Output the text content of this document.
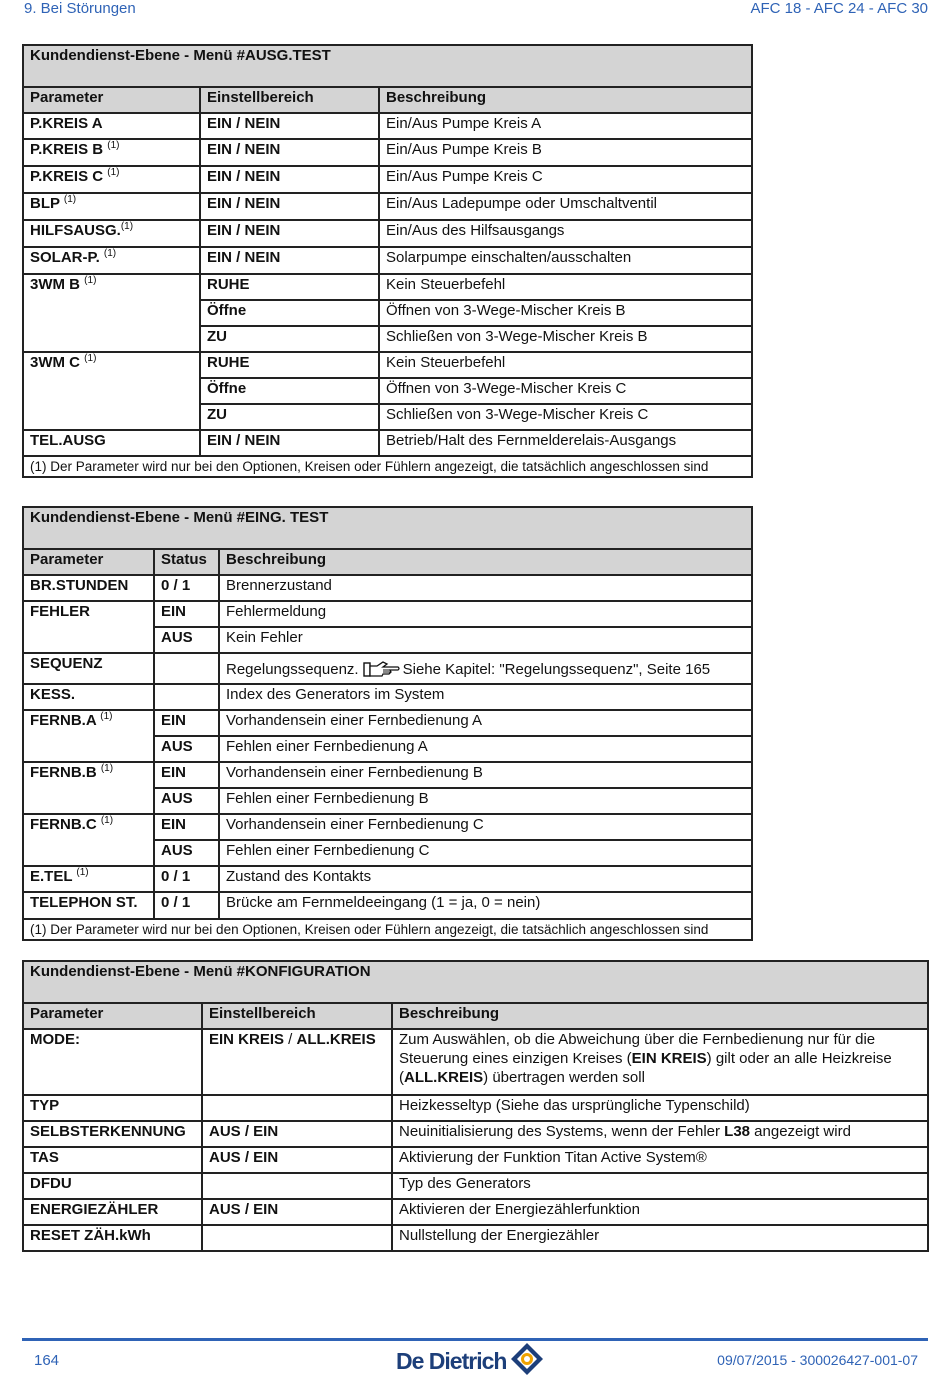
9. Bei Störungen	AFC 18 - AFC 24 - AFC 30
Kundendienst-Ebene - Menü #AUSG.TEST		
Parameter	Einstellbereich	Beschreibung
P.KREIS A	EIN / NEIN	Ein/Aus Pumpe Kreis A
P.KREIS B $^{(1)}$	EIN / NEIN	Ein/Aus Pumpe Kreis B
P.KREIS C $^{(1)}$	EIN / NEIN	Ein/Aus Pumpe Kreis C
BLP $^{(1)}$	EIN / NEIN	Ein/Aus Ladepumpe oder Umschaltventil
HILFSAUSG.$^{(1)}$	EIN / NEIN	Ein/Aus des Hilfsausgangs
SOLAR-P. $^{(1)}$	EIN / NEIN	Solarpumpe einschalten/ausschalten
3WM B $^{(1)}$	RUHE	Kein Steuerbefehl
	Öffne	Öffnen von 3-Wege-Mischer Kreis B
	ZU	Schließen von 3-Wege-Mischer Kreis B
3WM C $^{(1)}$	RUHE	Kein Steuerbefehl
	Öffne	Öffnen von 3-Wege-Mischer Kreis C
	ZU	Schließen von 3-Wege-Mischer Kreis C
TEL.AUSG	EIN / NEIN	Betrieb/Halt des Fernmelderelais-Ausgangs
(1) Der Parameter wird nur bei den Optionen, Kreisen oder Fühlern angezeigt, die tatsächlich angeschlossen sind		
Kundendienst-Ebene - Menü #EING. TEST		
Parameter	Status	Beschreibung
BR.STUNDEN	0 / 1	Brennerzustand
FEHLER	EIN	Fehlermeldung
	AUS	Kein Fehler
SEQUENZ		Regelungssequenz. Siehe Kapitel: "Regelungssequenz", Seite 165
KESS.		Index des Generators im System
FERNB.A $^{(1)}$	EIN	Vorhandensein einer Fernbedienung A
	AUS	Fehlen einer Fernbedienung A
FERNB.B $^{(1)}$	EIN	Vorhandensein einer Fernbedienung B
	AUS	Fehlen einer Fernbedienung B
FERNB.C $^{(1)}$	EIN	Vorhandensein einer Fernbedienung C
	AUS	Fehlen einer Fernbedienung C
E.TEL $^{(1)}$	0 / 1	Zustand des Kontakts
TELEPHON ST.	0 / 1	Brücke am Fernmeldeeingang (1 = ja, 0 = nein)
(1) Der Parameter wird nur bei den Optionen, Kreisen oder Fühlern angezeigt, die tatsächlich angeschlossen sind		
Kundendienst-Ebene - Menü #KONFIGURATION		
Parameter	Einstellbereich	Beschreibung
MODE:	EIN KREIS / ALL.KREIS	Zum Auswählen, ob die Abweichung über die Fernbedienung nur für die Steuerung eines einzigen Kreises (EIN KREIS) gilt oder an alle Heizkreise (ALL.KREIS) übertragen werden soll
TYP		Heizkesseltyp (Siehe das ursprüngliche Typenschild)
SELBSTERKENNUNG	AUS / EIN	Neuinitialisierung des Systems, wenn der Fehler L38 angezeigt wird
TAS	AUS / EIN	Aktivierung der Funktion Titan Active System®
DFDU		Typ des Generators
ENERGIEZÄHLER	AUS / EIN	Aktivieren der Energiezählerfunktion
RESET ZÄH.kWh		Nullstellung der Energiezähler
164	De Dietrich	09/07/2015 - 300026427-001-07
